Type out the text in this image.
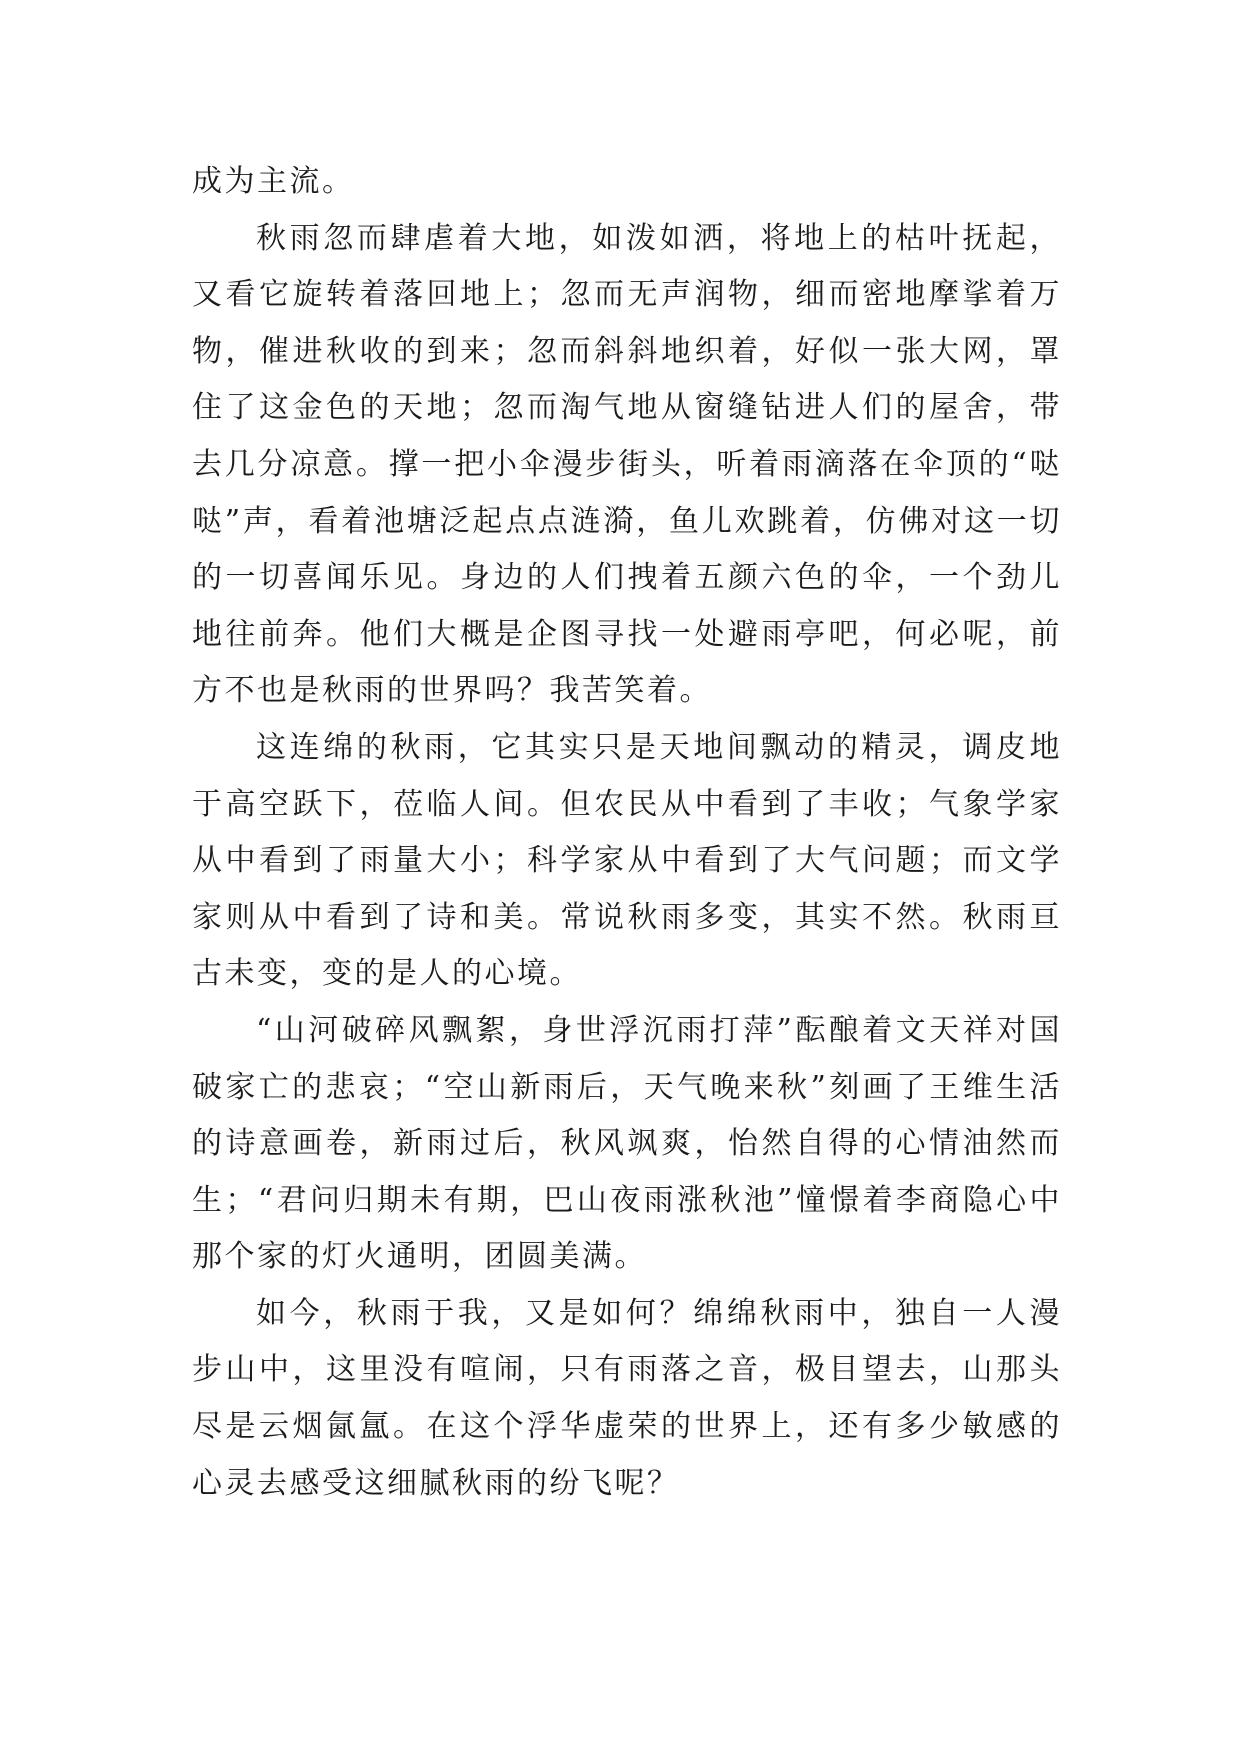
成为主流。

秋雨忽而肆虐着大地，如泼如洒，将地上的枯叶抚起，又看它旋转着落回地上；忽而无声润物，细而密地摩挲着万物，催进秋收的到来；忽而斜斜地织着，好似一张大网，罩住了这金色的天地；忽而淘气地从窗缝钻进人们的屋舍，带去几分凉意。撑一把小伞漫步街头，听着雨滴落在伞顶的“哒哒”声，看着池塘泛起点点涟漪，鱼儿欢跳着，仿佛对这一切的一切喜闻乐见。身边的人们拽着五颜六色的伞，一个劲儿地往前奔。他们大概是企图寻找一处避雨亭吧，何必呢，前方不也是秋雨的世界吗？我苦笑着。

这连绵的秋雨，它其实只是天地间飘动的精灵，调皮地于高空跃下，莅临人间。但农民从中看到了丰收；气象学家从中看到了雨量大小；科学家从中看到了大气问题；而文学家则从中看到了诗和美。常说秋雨多变，其实不然。秋雨亘古未变，变的是人的心境。

“山河破碎风飘絮，身世浮沉雨打萍”酝酿着文天祥对国破家亡的悲哀；“空山新雨后，天气晚来秋”刻画了王维生活的诗意画卷，新雨过后，秋风飒爽，怡然自得的心情油然而生；“君问归期未有期，巴山夜雨涨秋池”憧憬着李商隐心中那个家的灯火通明，团圆美满。

如今，秋雨于我，又是如何？绵绵秋雨中，独自一人漫步山中，这里没有喧闹，只有雨落之音，极目望去，山那头尽是云烟氤氲。在这个浮华虚荣的世界上，还有多少敏感的心灵去感受这细腻秋雨的纷飞呢？
